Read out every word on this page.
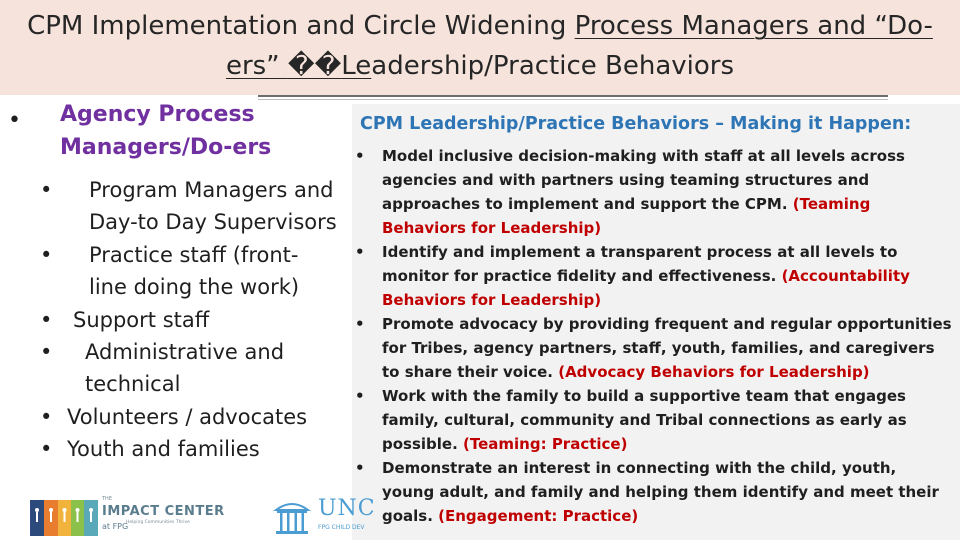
CPM Implementation and Circle Widening Process Managers and “Do-
ers” ��Leadership/Practice Behaviors
• Agency Process Managers/Do-ers
•	Program Managers and Day-to Day Supervisors
•	Practice staff (front-line doing the work)
• Support staff
•	Administrative and technical
• Volunteers / advocates
• Youth and families
CPM Leadership/Practice Behaviors – Making it Happen:
• Model inclusive decision-making with staff at all levels across agencies and with partners using teaming structures and approaches to implement and support the CPM. (Teaming Behaviors for Leadership)
• Identify and implement a transparent process at all levels to monitor for practice fidelity and effectiveness. (Accountability Behaviors for Leadership)
• Promote advocacy by providing frequent and regular opportunities for Tribes, agency partners, staff, youth, families, and caregivers to share their voice. (Advocacy Behaviors for Leadership)
• Work with the family to build a supportive team that engages family, cultural, community and Tribal connections as early as possible. (Teaming: Practice)
• Demonstrate an interest in connecting with the child, youth, young adult, and family and helping them identify and meet their goals. (Engagement: Practice)
THE
IMPACT CENTER
at FPG
Helping Communities Thrive
UNC
FPG CHILD DEV
